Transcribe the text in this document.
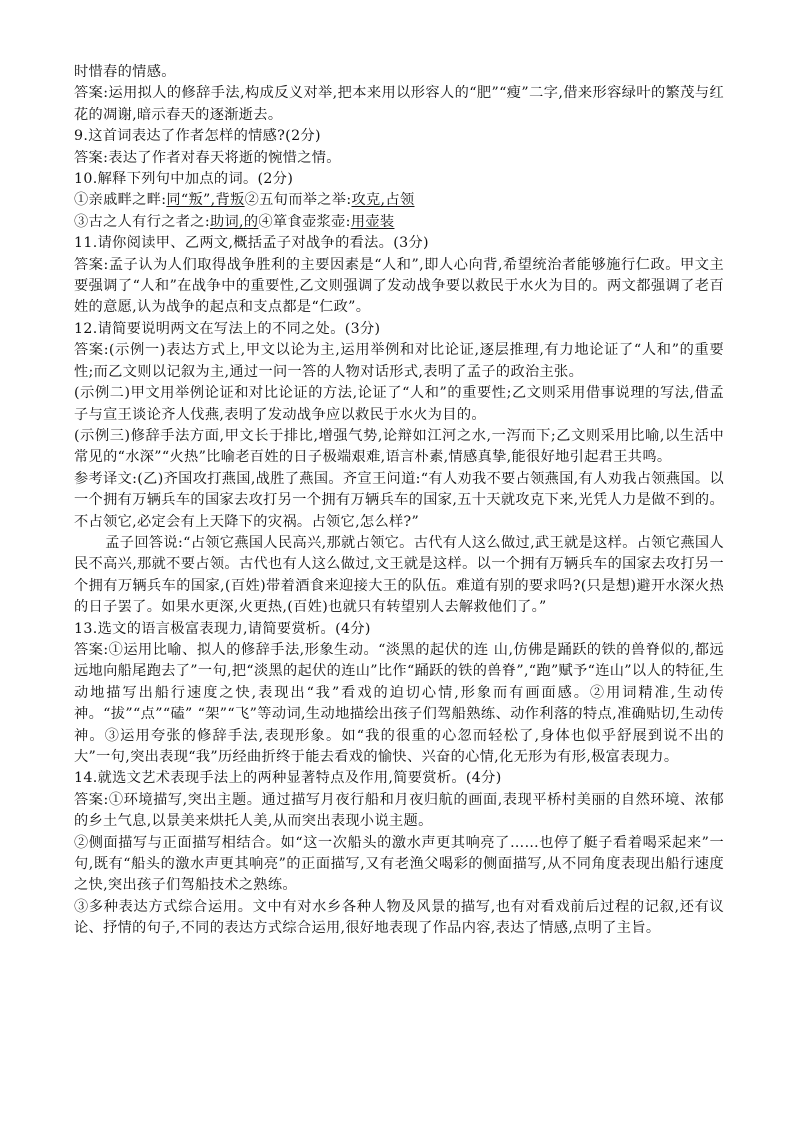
时惜春的情感。

答案:运用拟人的修辞手法,构成反义对举,把本来用以形容人的“肥”“瘦”二字,借来形容绿叶的繁茂与红花的凋谢,暗示春天的逐渐逝去。

9.这首词表达了作者怎样的情感?(2分)

答案:表达了作者对春天将逝的惋惜之情。

10.解释下列句中加点的词。(2分)

①亲戚畔之畔:同“叛”,背叛②五旬而举之举:攻克,占领

③古之人有行之者之:助词,的④箪食壶浆壶:用壶装

11.请你阅读甲、乙两文,概括孟子对战争的看法。(3分)

答案:孟子认为人们取得战争胜利的主要因素是“人和”,即人心向背,希望统治者能够施行仁政。甲文主要强调了“人和”在战争中的重要性,乙文则强调了发动战争要以救民于水火为目的。两文都强调了老百姓的意愿,认为战争的起点和支点都是“仁政”。

12.请简要说明两文在写法上的不同之处。(3分)

答案:(示例一)表达方式上,甲文以论为主,运用举例和对比论证,逐层推理,有力地论证了“人和”的重要性;而乙文则以记叙为主,通过一问一答的人物对话形式,表明了孟子的政治主张。

(示例二)甲文用举例论证和对比论证的方法,论证了“人和”的重要性;乙文则采用借事说理的写法,借孟子与宣王谈论齐人伐燕,表明了发动战争应以救民于水火为目的。

(示例三)修辞手法方面,甲文长于排比,增强气势,论辩如江河之水,一泻而下;乙文则采用比喻,以生活中常见的“水深”“火热”比喻老百姓的日子极端艰难,语言朴素,情感真挚,能很好地引起君王共鸣。

参考译文:(乙)齐国攻打燕国,战胜了燕国。齐宣王问道:“有人劝我不要占领燕国,有人劝我占领燕国。以一个拥有万辆兵车的国家去攻打另一个拥有万辆兵车的国家,五十天就攻克下来,光凭人力是做不到的。不占领它,必定会有上天降下的灾祸。占领它,怎么样?”

孟子回答说:“占领它燕国人民高兴,那就占领它。古代有人这么做过,武王就是这样。占领它燕国人民不高兴,那就不要占领。古代也有人这么做过,文王就是这样。以一个拥有万辆兵车的国家去攻打另一个拥有万辆兵车的国家,(百姓)带着酒食来迎接大王的队伍。难道有别的要求吗?(只是想)避开水深火热的日子罢了。如果水更深,火更热,(百姓)也就只有转望别人去解救他们了。”

13.选文的语言极富表现力,请简要赏析。(4分)

答案:①运用比喻、拟人的修辞手法,形象生动。“淡黑的起伏的连 山,仿佛是踊跃的铁的兽脊似的,都远远地向船尾跑去了”一句,把“淡黑的起伏的连山”比作“踊跃的铁的兽脊”,“跑”赋予“连山”以人的特征,生动地描写出船行速度之快,表现出“我”看戏的迫切心情,形象而有画面感。②用词精准,生动传神。“拔”“点”“磕” “架”“飞”等动词,生动地描绘出孩子们驾船熟练、动作利落的特点,准确贴切,生动传神。③运用夸张的修辞手法,表现形象。如“我的很重的心忽而轻松了,身体也似乎舒展到说不出的大”一句,突出表现“我”历经曲折终于能去看戏的愉快、兴奋的心情,化无形为有形,极富表现力。

14.就选文艺术表现手法上的两种显著特点及作用,简要赏析。(4分)

答案:①环境描写,突出主题。通过描写月夜行船和月夜归航的画面,表现平桥村美丽的自然环境、浓郁的乡土气息,以景美来烘托人美,从而突出表现小说主题。

②侧面描写与正面描写相结合。如“这一次船头的激水声更其响亮了……也停了艇子看着喝采起来”一句,既有“船头的激水声更其响亮”的正面描写,又有老渔父喝彩的侧面描写,从不同角度表现出船行速度之快,突出孩子们驾船技术之熟练。

③多种表达方式综合运用。文中有对水乡各种人物及风景的描写,也有对看戏前后过程的记叙,还有议论、抒情的句子,不同的表达方式综合运用,很好地表现了作品内容,表达了情感,点明了主旨。
